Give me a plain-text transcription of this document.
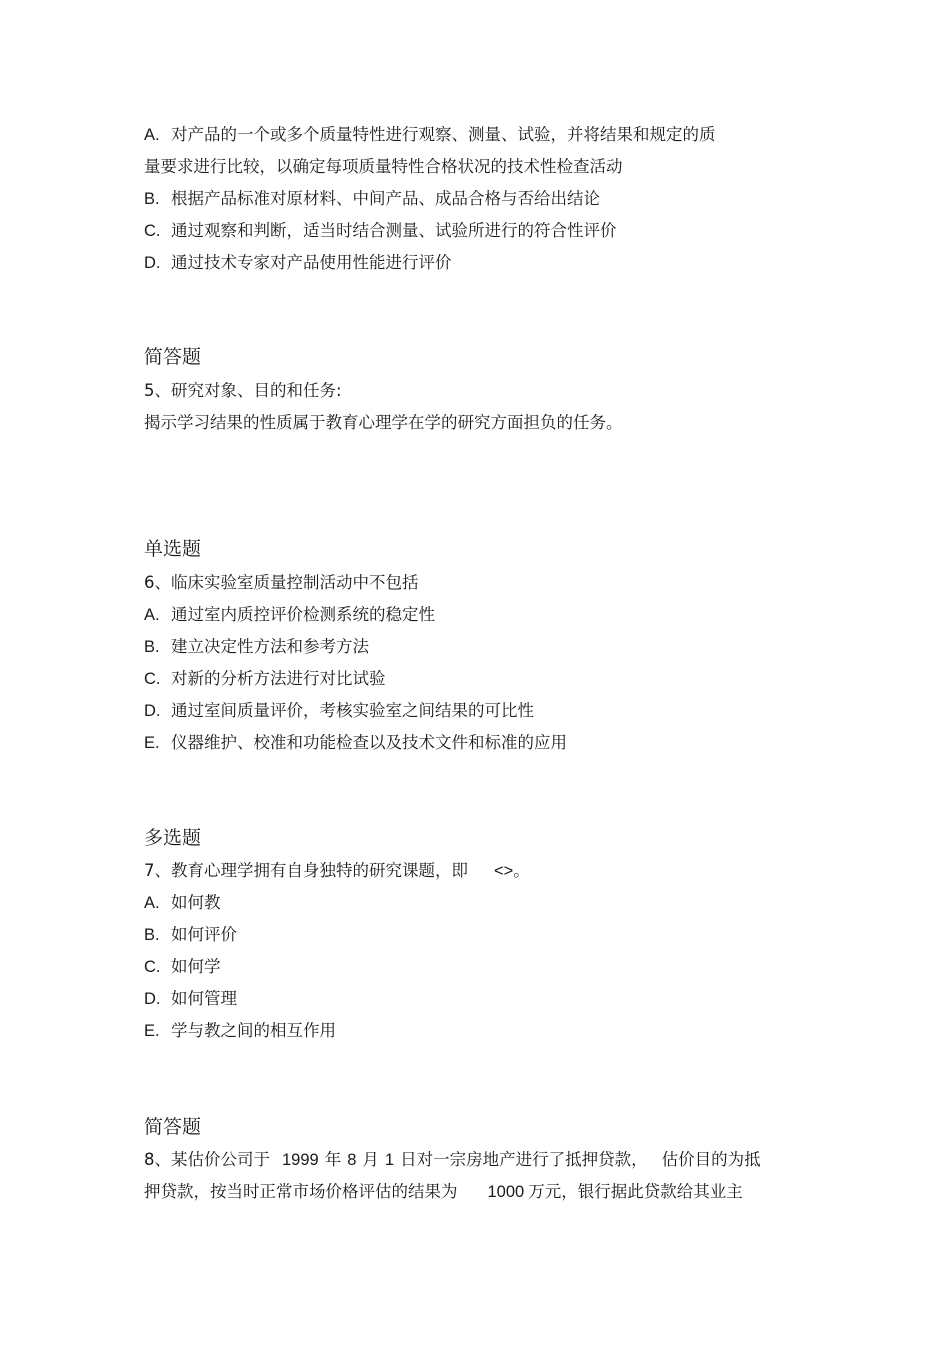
A. 对产品的一个或多个质量特性进行观察、测量、试验，并将结果和规定的质
量要求进行比较，以确定每项质量特性合格状况的技术性检查活动
B. 根据产品标准对原材料、中间产品、成品合格与否给出结论
C. 通过观察和判断，适当时结合测量、试验所进行的符合性评价
D. 通过技术专家对产品使用性能进行评价
简答题
5、研究对象、目的和任务:
揭示学习结果的性质属于教育心理学在学的研究方面担负的任务。
单选题
6、临床实验室质量控制活动中不包括
A. 通过室内质控评价检测系统的稳定性
B. 建立决定性方法和参考方法
C. 对新的分析方法进行对比试验
D. 通过室间质量评价，考核实验室之间结果的可比性
E. 仪器维护、校准和功能检查以及技术文件和标准的应用
多选题
7、教育心理学拥有自身独特的研究课题，即 <>。
A. 如何教
B. 如何评价
C. 如何学
D. 如何管理
E. 学与教之间的相互作用
简答题
8、某估价公司于 1999 年 8 月 1 日对一宗房地产进行了抵押贷款， 估价目的为抵
押贷款，按当时正常市场价格评估的结果为 1000 万元，银行据此贷款给其业主
